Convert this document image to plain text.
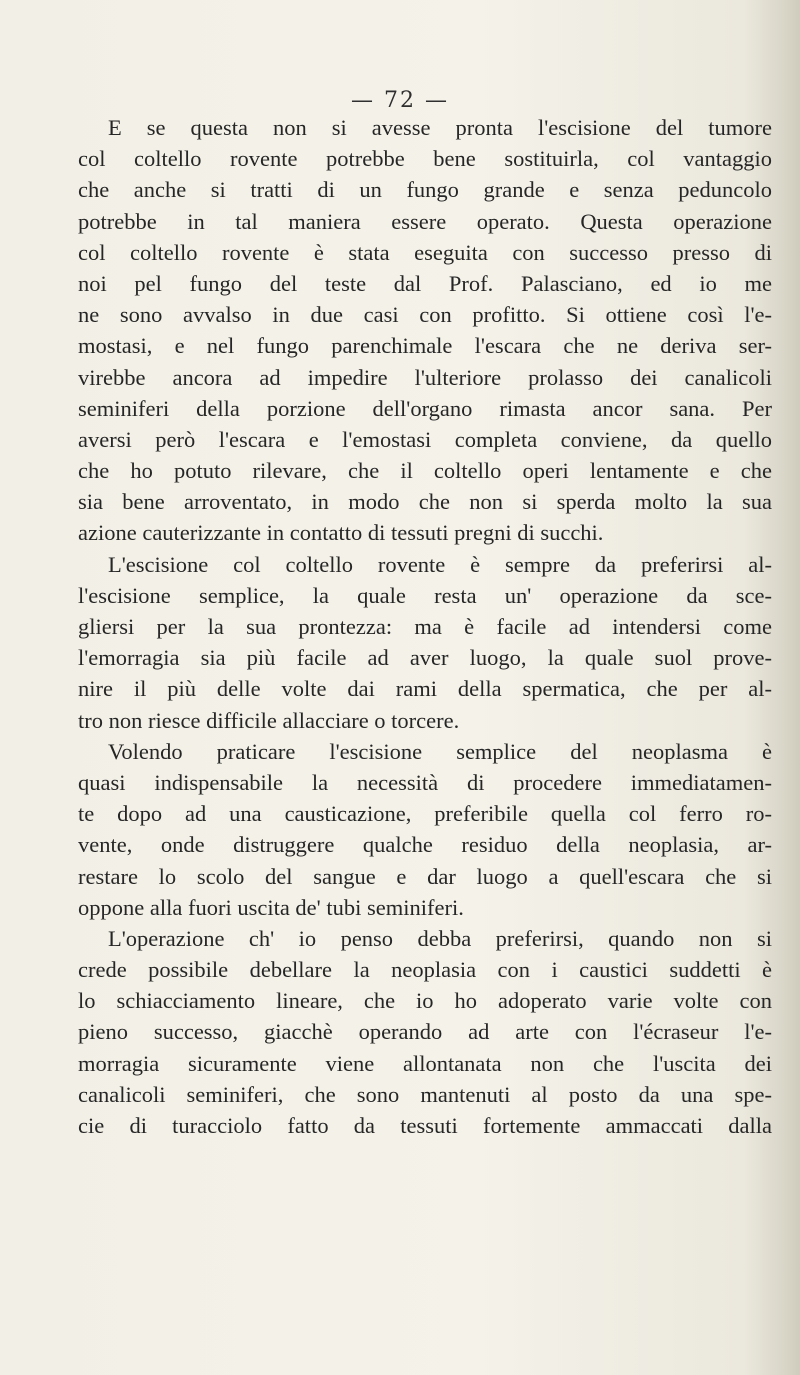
— 72 —
E se questa non si avesse pronta l'escisione del tumore
col coltello rovente potrebbe bene sostituirla, col vantaggio
che anche si tratti di un fungo grande e senza peduncolo
potrebbe in tal maniera essere operato. Questa operazione
col coltello rovente è stata eseguita con successo presso di
noi pel fungo del teste dal Prof. Palasciano, ed io me
ne sono avvalso in due casi con profitto. Si ottiene così l'e-
mostasi, e nel fungo parenchimale l'escara che ne deriva ser-
virebbe ancora ad impedire l'ulteriore prolasso dei canalicoli
seminiferi della porzione dell'organo rimasta ancor sana. Per
aversi però l'escara e l'emostasi completa conviene, da quello
che ho potuto rilevare, che il coltello operi lentamente e che
sia bene arroventato, in modo che non si sperda molto la sua
azione cauterizzante in contatto di tessuti pregni di succhi.
L'escisione col coltello rovente è sempre da preferirsi al-
l'escisione semplice, la quale resta un' operazione da sce-
gliersi per la sua prontezza: ma è facile ad intendersi come
l'emorragia sia più facile ad aver luogo, la quale suol prove-
nire il più delle volte dai rami della spermatica, che per al-
tro non riesce difficile allacciare o torcere.
Volendo praticare l'escisione semplice del neoplasma è
quasi indispensabile la necessità di procedere immediatamen-
te dopo ad una causticazione, preferibile quella col ferro ro-
vente, onde distruggere qualche residuo della neoplasia, ar-
restare lo scolo del sangue e dar luogo a quell'escara che si
oppone alla fuori uscita de' tubi seminiferi.
L'operazione ch' io penso debba preferirsi, quando non si
crede possibile debellare la neoplasia con i caustici suddetti è
lo schiacciamento lineare, che io ho adoperato varie volte con
pieno successo, giacchè operando ad arte con l'écraseur l'e-
morragia sicuramente viene allontanata non che l'uscita dei
canalicoli seminiferi, che sono mantenuti al posto da una spe-
cie di turacciolo fatto da tessuti fortemente ammaccati dalla
